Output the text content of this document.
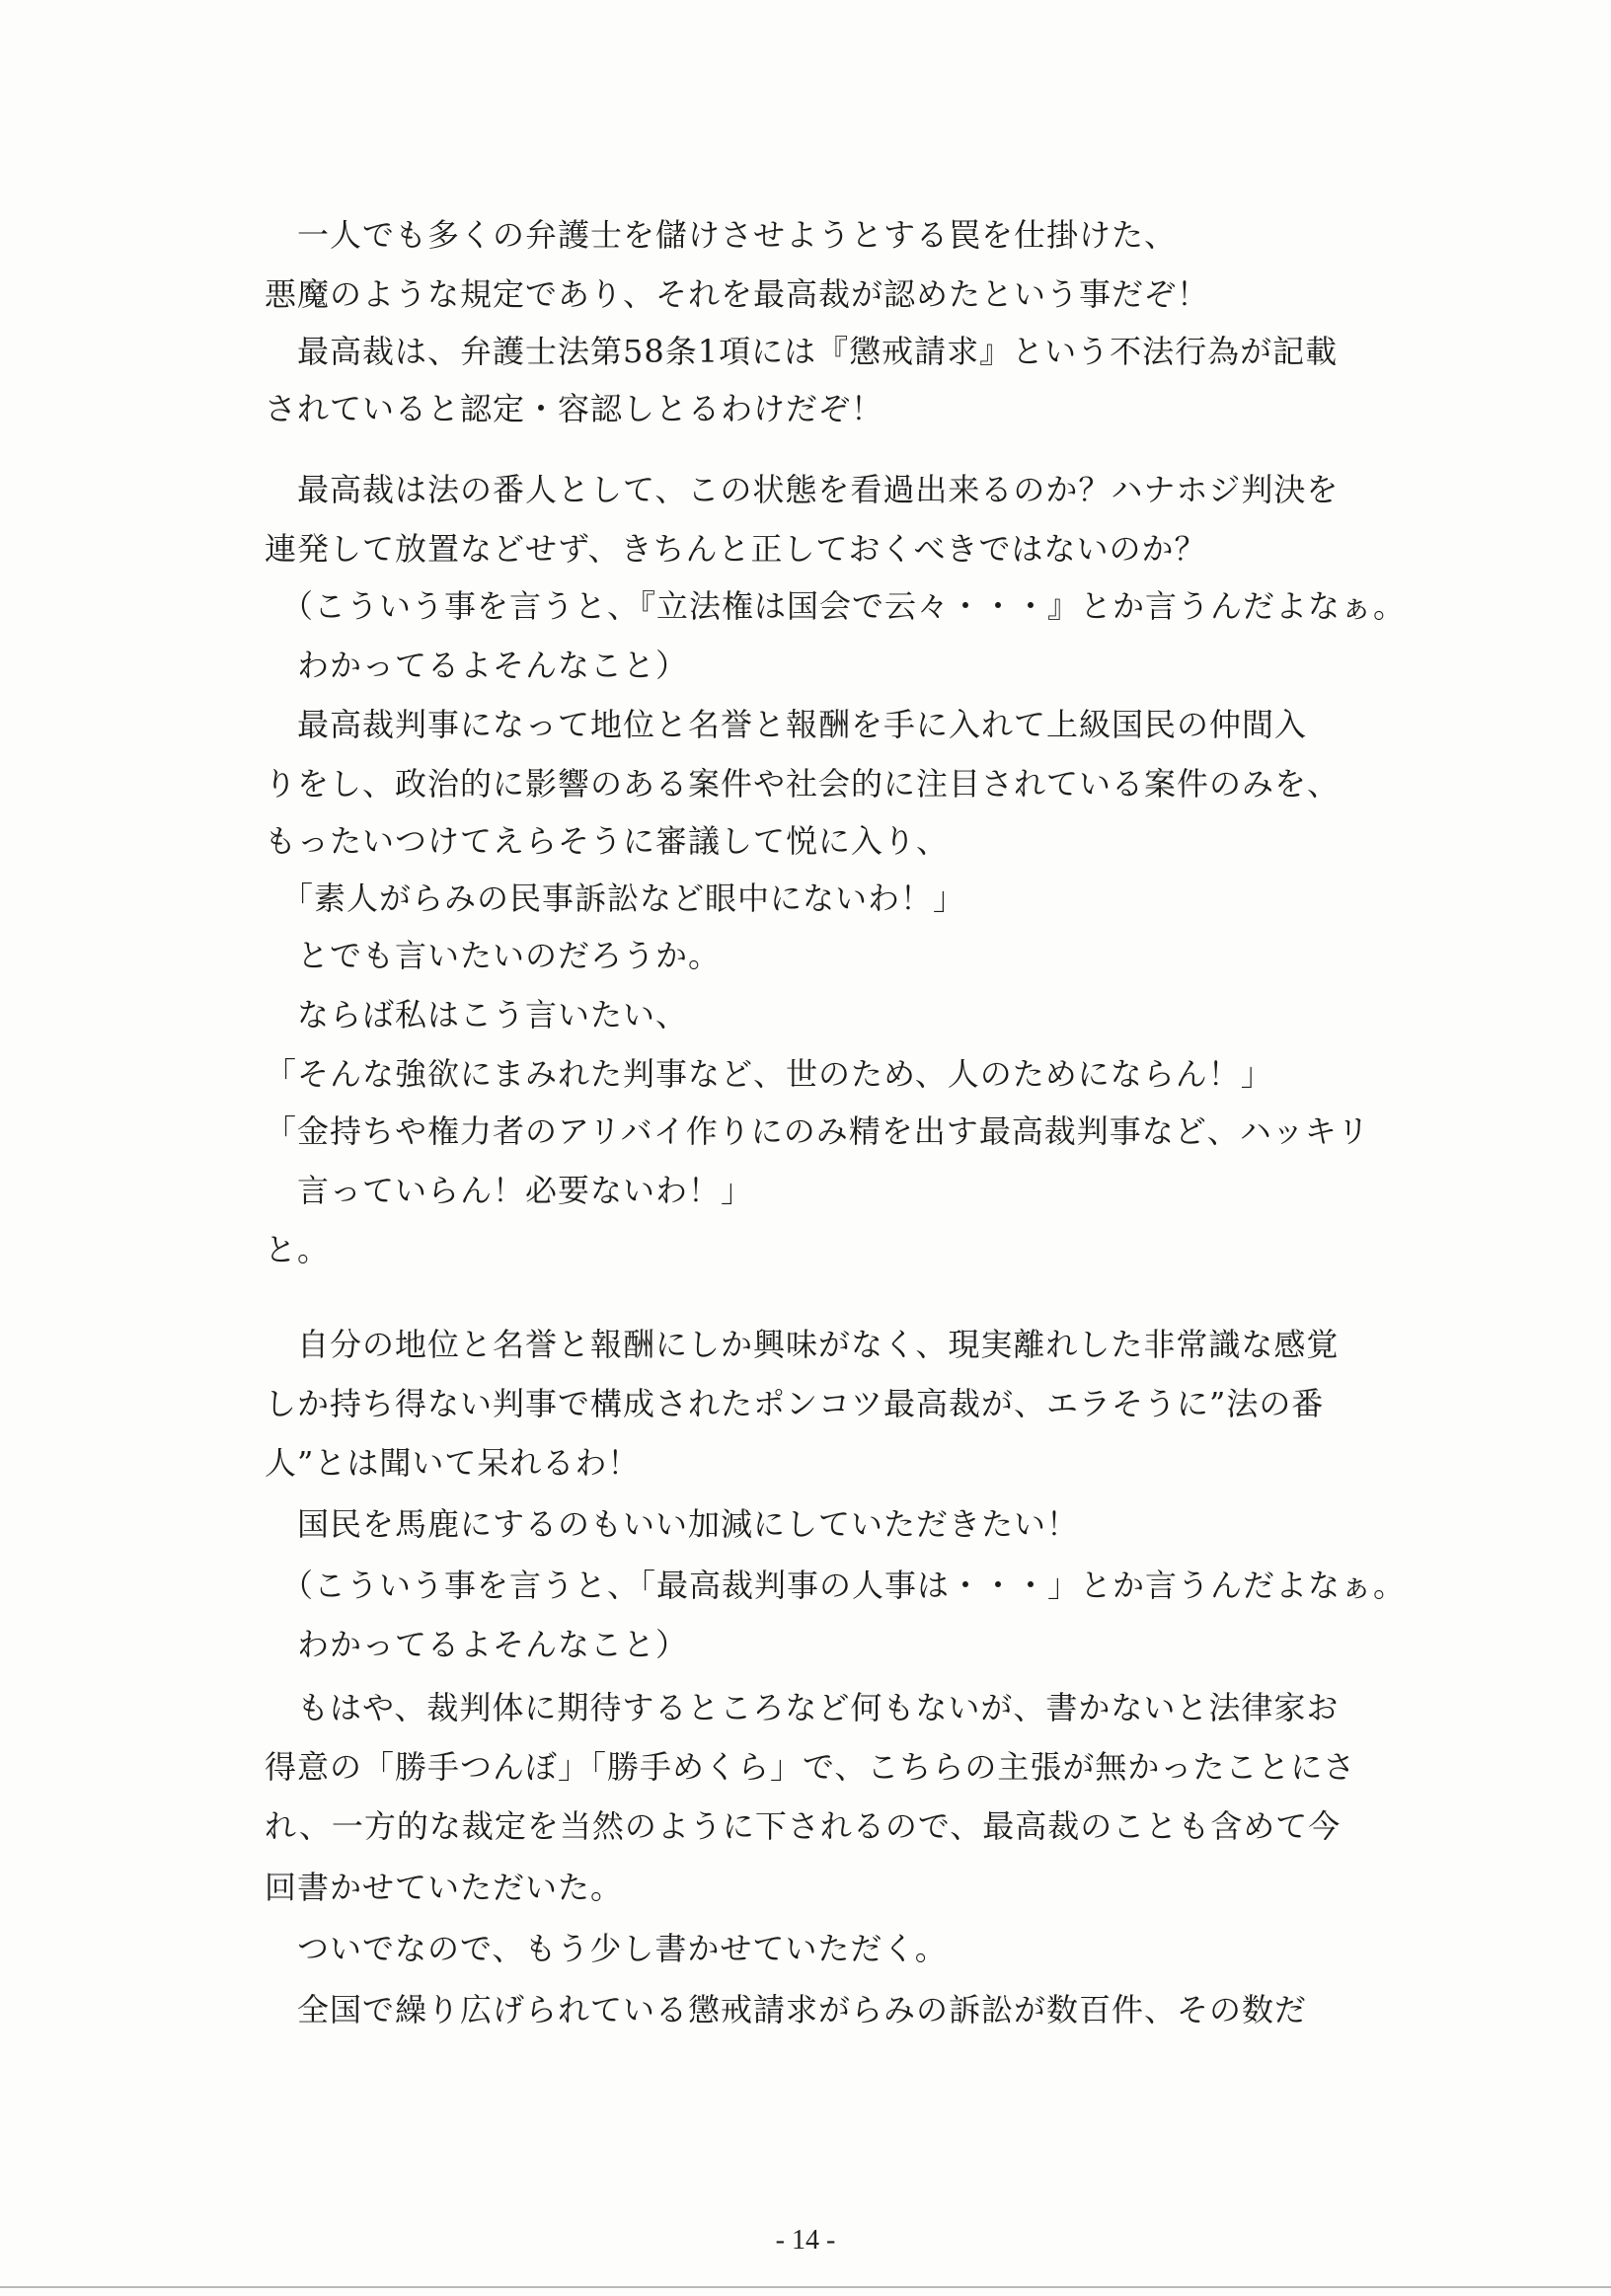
　一人でも多くの弁護士を儲けさせようとする罠を仕掛けた、
悪魔のような規定であり、それを最高裁が認めたという事だぞ！
　最高裁は、弁護士法第58条1項には『懲戒請求』という不法行為が記載
されていると認定・容認しとるわけだぞ！
　最高裁は法の番人として、この状態を看過出来るのか？ハナホジ判決を
連発して放置などせず、きちんと正しておくべきではないのか？
　（こういう事を言うと、『立法権は国会で云々・・・』とか言うんだよなぁ。
　わかってるよそんなこと）
　最高裁判事になって地位と名誉と報酬を手に入れて上級国民の仲間入
りをし、政治的に影響のある案件や社会的に注目されている案件のみを、
もったいつけてえらそうに審議して悦に入り、
　「素人がらみの民事訴訟など眼中にないわ！」
　とでも言いたいのだろうか。
　ならば私はこう言いたい、
「そんな強欲にまみれた判事など、世のため、人のためにならん！」
「金持ちや権力者のアリバイ作りにのみ精を出す最高裁判事など、ハッキリ
　言っていらん！必要ないわ！」
と。
　自分の地位と名誉と報酬にしか興味がなく、現実離れした非常識な感覚
しか持ち得ない判事で構成されたポンコツ最高裁が、エラそうに”法の番
人”とは聞いて呆れるわ！
　国民を馬鹿にするのもいい加減にしていただきたい！
　（こういう事を言うと、「最高裁判事の人事は・・・」とか言うんだよなぁ。
　わかってるよそんなこと）
　もはや、裁判体に期待するところなど何もないが、書かないと法律家お
得意の「勝手つんぼ」「勝手めくら」で、こちらの主張が無かったことにさ
れ、一方的な裁定を当然のように下されるので、最高裁のことも含めて今
回書かせていただいた。
　ついでなので、もう少し書かせていただく。
　全国で繰り広げられている懲戒請求がらみの訴訟が数百件、その数だ
- 14 -
